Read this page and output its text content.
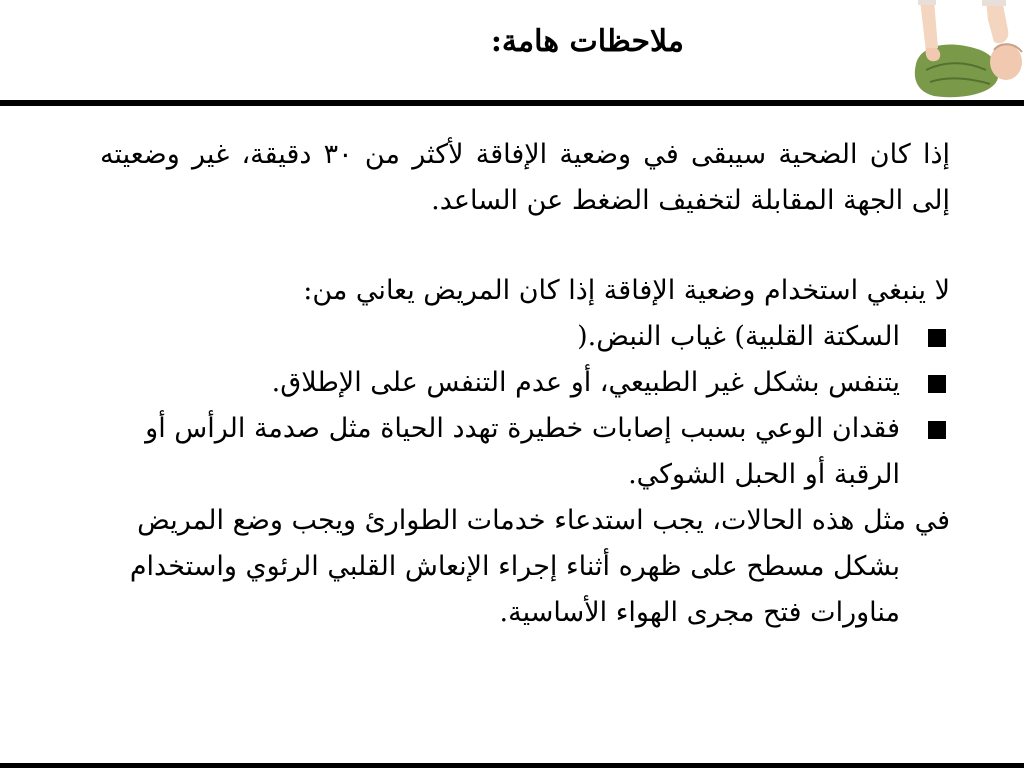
ملاحظات هامة:

إذا كان الضحية سيبقى في وضعية الإفاقة لأكثر من ٣٠ دقيقة، غير وضعيته إلى الجهة المقابلة لتخفيف الضغط عن الساعد.

لا ينبغي استخدام وضعية الإفاقة إذا كان المريض يعاني من:

السكتة القلبية) غياب النبض.(
يتنفس بشكل غير الطبيعي، أو عدم التنفس على الإطلاق.
فقدان الوعي بسبب إصابات خطيرة تهدد الحياة مثل صدمة الرأس أو الرقبة أو الحبل الشوكي.

في مثل هذه الحالات، يجب استدعاء خدمات الطوارئ ويجب وضع المريض بشكل مسطح على ظهره أثناء إجراء الإنعاش القلبي الرئوي واستخدام مناورات فتح مجرى الهواء الأساسية.
